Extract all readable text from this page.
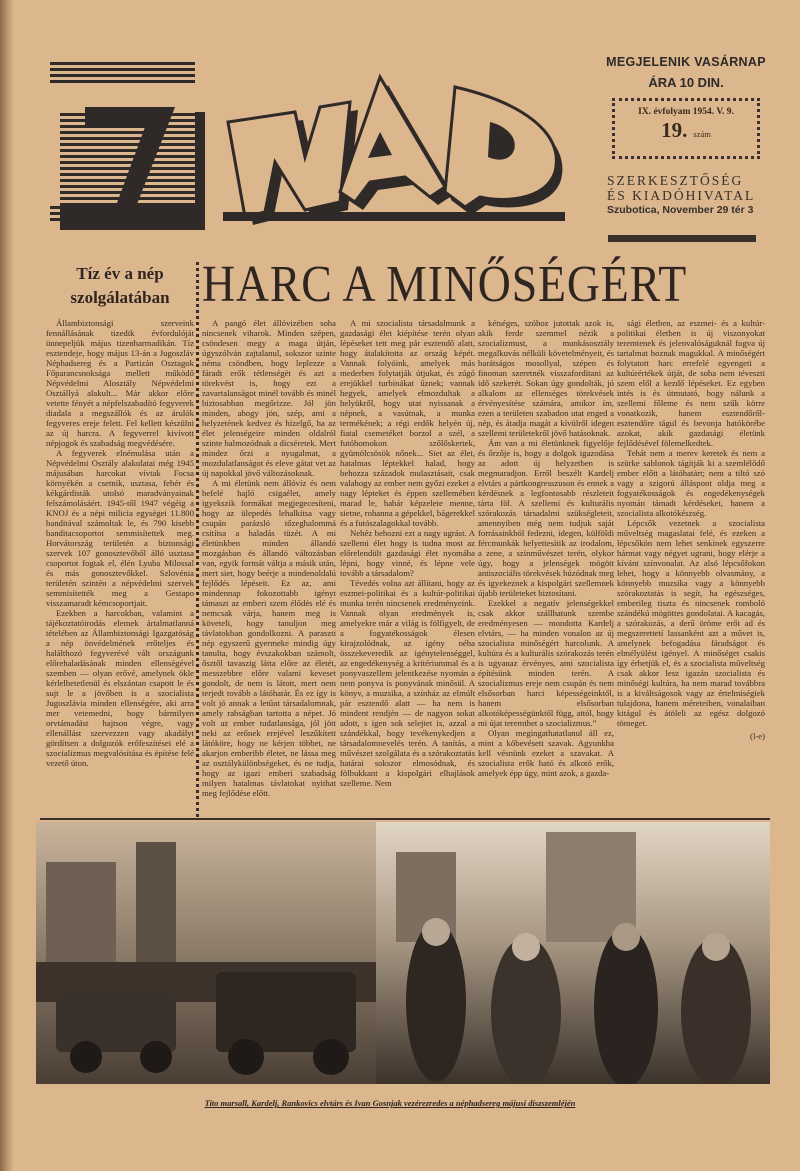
MEGJELENIK VASÁRNAP
ÁRA 10 DIN.
IX. évfolyam 1954. V. 9.
19. szám
SZERKESZTŐSÉG
ÉS KIADÓHIVATAL
Szubotica, November 29 tér 3
Tíz év a nép szolgálatában HARC A MINŐSÉGÉRT

Állambiztonsági szerveink fennállásának tizedik évfordulóját ünnepeljük május tizenharmadikán. Tíz esztendeje, hogy május 13-án a Jugoszláv Néphadsereg és a Partizán Osztagok Főparancsnoksága mellett működő Népvédelmi Alosztály Népvédelmi Osztállyá alakult... Már akkor előre vetette fényét a népfelszabadító fegyverek diadala a megszállók és az árulók fegyveres ereje felett. Fel kellett készülni az új harcra. A fegyverrel kivívott népjogok és szabadság megvédésére.

A fegyverek elnémulása után a Népvédelmi Osztály alakulatai még 1945 májusában harcokat vívtak Focsa környékén a csetnik, usztasa, fehér és kékgárdisták utolsó maradványainak felszámolásáért. 1945-től 1947 végéig a KNOJ és a népi milicia egységei 11.800 banditával számoltak le, és 790 kisebb banditacsoportot semmisítettek meg. Horvátország területén a biztonsági szervek 107 gonosztevőből álló usztasa csoportot fogtak el, élén Lyuba Milossal és más gonosztevőkkel. Szlovénia területén szintén a népvédelmi szervek semmisítették meg a Gestapo visszamaradt kémcsoportjait.

Ezekben a harcokban, valamint a tájékoztatóirodás elemek ártalmatlanná tételében az Állambiztonsági Igazgatóság a nép önvédelmének erőteljes és halálthozó fegyverévé vált országunk előrehaladásának minden ellenségével szemben — olyan erővé, amelynek ökle kérlelhetetlenül és elszántan csapott le és sujt le a jövőben is a szocialista Jugoszlávia minden ellenségére, aki arra mer vetemedni, hogy bármilyen orvtámadást hajtson végre, vagy ellenállást szervezzen vagy akadályt gördítsen a dolgozók erőfeszítései elé a szocializmus megvalósítása és építése felé vezető úton.

A pangó élet állóvizében soha nincsenek viharok. Minden szépen, csöndesen megy a maga útján, úgyszólván zajtalanul, sokszor szinte néma csöndben, hogy leplezze a fáradt erők tétlenségét és azt a törekvést is, hogy ezt a zavartalanságot minél tovább és minél biztosabban megőrizze. Jól jön minden, ahogy jön, szép, ami a helyzetének kedvez és hízelgő, ha az élet jelenségeire minden oldalról szinte halmozódnak a dicséretek. Mert mindez őrzi a nyugalmat, a mozdulatlanságot és eleve gátat vet az új napokkal jövő változásoknak.

A mi életünk nem állóvíz és nem befelé hajló csigaélet, amely igyekszik formákat megjegecesíteni, hogy az ülepedés lehalkítsa vagy csupán parázsló tőzeghalommá csitítsa a haladás tüzét. A mi életünkben minden állandó mozgásban és állandó változásban van, egyik formát váltja a másik után, mert siet, hogy beérje a mindenoldalú fejlődés lépéseit. Ez az, ami mindennap fokozottabb igényt támaszt az emberi szem élődés elé és nemcsak várja, hanem meg is követeli, hogy tanuljon meg távlatokban gondolkozni. A paraszti nép egyszerű gyermeke mindig úgy tanulta, hogy évszakokban számolt, ősztől tavaszig látta előre az életét, messzebbre előre valami keveset gondolt, de nem is látott, mert nem terjedt tovább a látóhatár. És ez így is volt jó annak a letűnt társadalomnak, amely rabságban tartotta a népet. Jó volt az ember tudatlansága, jól jött neki az erőnek erejével leszűkített látóköre, hogy ne kérjen többet, ne akarjon emberibb életet, ne lássa meg az osztálykülönbségeket, és ne tudja, hogy az igazi emberi szabadság milyen hatalmas távlatokat nyithat meg fejlődése előtt.

A mi szocialista társadalmunk a gazdasági élet kiépítése terén olyan lépéseket tett meg pár esztendő alatt, hogy átalakította az ország képét. Vannak folyóink, amelyek más mederben folytatják útjukat, és zúgó erejükkel turbinákat űznek; vannak hegyek, amelyek elmozdultak a helyükről, hogy utat nyissanak a népnek, a vasútnak, a munka termékének; a régi erdők helyén új, fiatal csemetéket borzol a szél, a futóhomokon szőlőskertek, gyümölcsösök nőnek... Siet az élet, hatalmas léptekkel halad, hogy behozza századok mulasztásait, csak valahogy az ember nem győzi ezeket a nagy lépteket és éppen szellemében marad le, habár képzelete menne, sietne, rohanna a gépekkel, bágerekkel és a futószalagokkal tovább.

Nehéz behozni ezt a nagy ugrást. A szellemi élet hogy is tudna most az előrelendült gazdasági élet nyomába lépni, hogy vinné, és lépne vele tovább a társadalom?

Tévedés volna azt állítani, hogy az eszmei-politikai és a kultúr-politikai munka terén nincsenek eredményeink. Vannak olyan eredmények is, amelyekre már a világ is fölfigyelt, de a fogyatékosságok élesen kirajzolódnak, az igény néha összekeveredik az igénytelenséggel, az engedékenység a kritériummal és a ponyvaszellem jelentkezése nyomán a nem ponyva is ponyvának minősül. A könyv, a muzsika, a színház az elmúlt pár esztendő alatt — ha nem is mindent rendjén — de nagyon sokat adott, s igen sok selejtet is, azzal a szándékkal, hogy tevékenykedjen a társadalomnevelés terén. A tanítás, a művészet szolgálata és a szórakoztatás határai sokszor elmosódnak, és fölbukkant a kispolgári elhajlások szelleme. Nem

kétséges, szóhoz jutottak azok is, akik ferde szemmel nézik a szocializmust, a munkásosztály megalkuvás nélküli követelményeit, és barátságos mosollyal, szépen és finoman szeretnék visszafordítani az idő szekerét. Sokan úgy gondolták, jó alkalom az ellenséges törekvések érvényesítése számára, amikor ím, ezen a területen szabadon utat enged a nép, és átadja magát a kívülről idegen szellemi területekről jövő hatásoknak.

Ám van a mi életünknek figyelője és őrzője is, hogy a dolgok igazodása az adott új helyzetben is megmaradjon. Erről beszélt Kardelj elvtárs a pártkongresszuson és ennek a kérdésnek a legfontosabb részleteit tárta föl. A szellemi és kulturális szórakozás társadalmi szükségleteit, amennyiben még nem tudjuk saját forrásainkból fedezni, idegen, külföldi fércmunkák helyettesítik az irodalom, a zene, a színművészet terén, olykor úgy, hogy a jelenségek mögött antiszociális törekvések húzódnak meg és igyekeznek a kispolgári szellemnek újabb területeket biztosítani.

Ezekkel a negatív jelenségekkel csak akkor szállhatunk szembe eredményesen — mondotta Kardelj elvtárs, — ha minden vonalon az új szocialista minőségért harcolunk. A kultúra és a kulturális szórakozás terén is ugyanaz érvényes, ami szocialista építésünk minden terén. A szocializmus ereje nem csupán és nem elsősorban harci képességeinktől, hanem elsősorban alkotóképességünktől függ, attól, hogy mi újat teremthet a szocializmus.”

Olyan megingathatatlanul áll ez, mint a kőbevésett szavak. Agyunkba kell vésnünk ezeket a szavakat. A szocialista erők ható és alkotó erők, amelyek épp úgy, mint azok, a gazda-

sági életben, az eszmei- és a kultúr-politikai életben is új viszonyokat teremtenek és jelenvalóságuknál fogva új tartalmat hoznak magukkal. A minőségért folytatott harc errefelé egyengeti a kultúrértékek útját, de soha nem téveszti szem elől a kezdő lépéseket. Ez egyben intés is és útmutató, hogy nálunk a szellemi főleme és nem szűk körre vonatkozik, hanem esztendőről-esztendőre tágul és bevonja hatókörébe azokat, akik gazdasági életünk fejlődésével fölemelkedtek.

Tehát nem a merev keretek és nem a szürke sablonok tágítják ki a szemlélődő ember előtt a látóhatárt; nem a tiltó szó vagy a szigorú álláspont oldja meg a fogyatékosságok és engedékenységek nyomán támadt kérdéseket, hanem a szocialista alkotókészség.

Lépcsők vezetnek a szocialista műveltség magaslatai felé, és ezeken a lépcsőkön nem lehet senkinek egyszerre hármat vagy négyet ugrani, hogy elérje a kívánt színvonalat. Az alsó lépcsőfokon lehet, hogy a könnyebb olvasmány, a könnyebb muzsika vagy a könnyebb szórakoztatás is segít, ha egészséges, emberileg tiszta és nincsenek romboló szándékú mögöttes gondolatai. A kacagás, a szórakozás, a derű öröme erőt ad és megszerettetí lassanként azt a művet is, amelynek befogadása fáradságot és elmélyülést igényel. A minőséget csakis így érhetjük el, és a szocialista műveltség csak akkor lesz igazán szocialista és minőségi kultúra, ha nem marad továbbra is a kiváltságosok vagy az értelmiségiek tulajdona, hanem méreteiben, vonalaiban kitágul és átöleli az egész dolgozó tömeget.

(l-e)

Tito marsall, Kardelj, Rankovics elvtárs és Ivan Gosnjak vezérezredes a néphadsereg májusi díszszemléjén
